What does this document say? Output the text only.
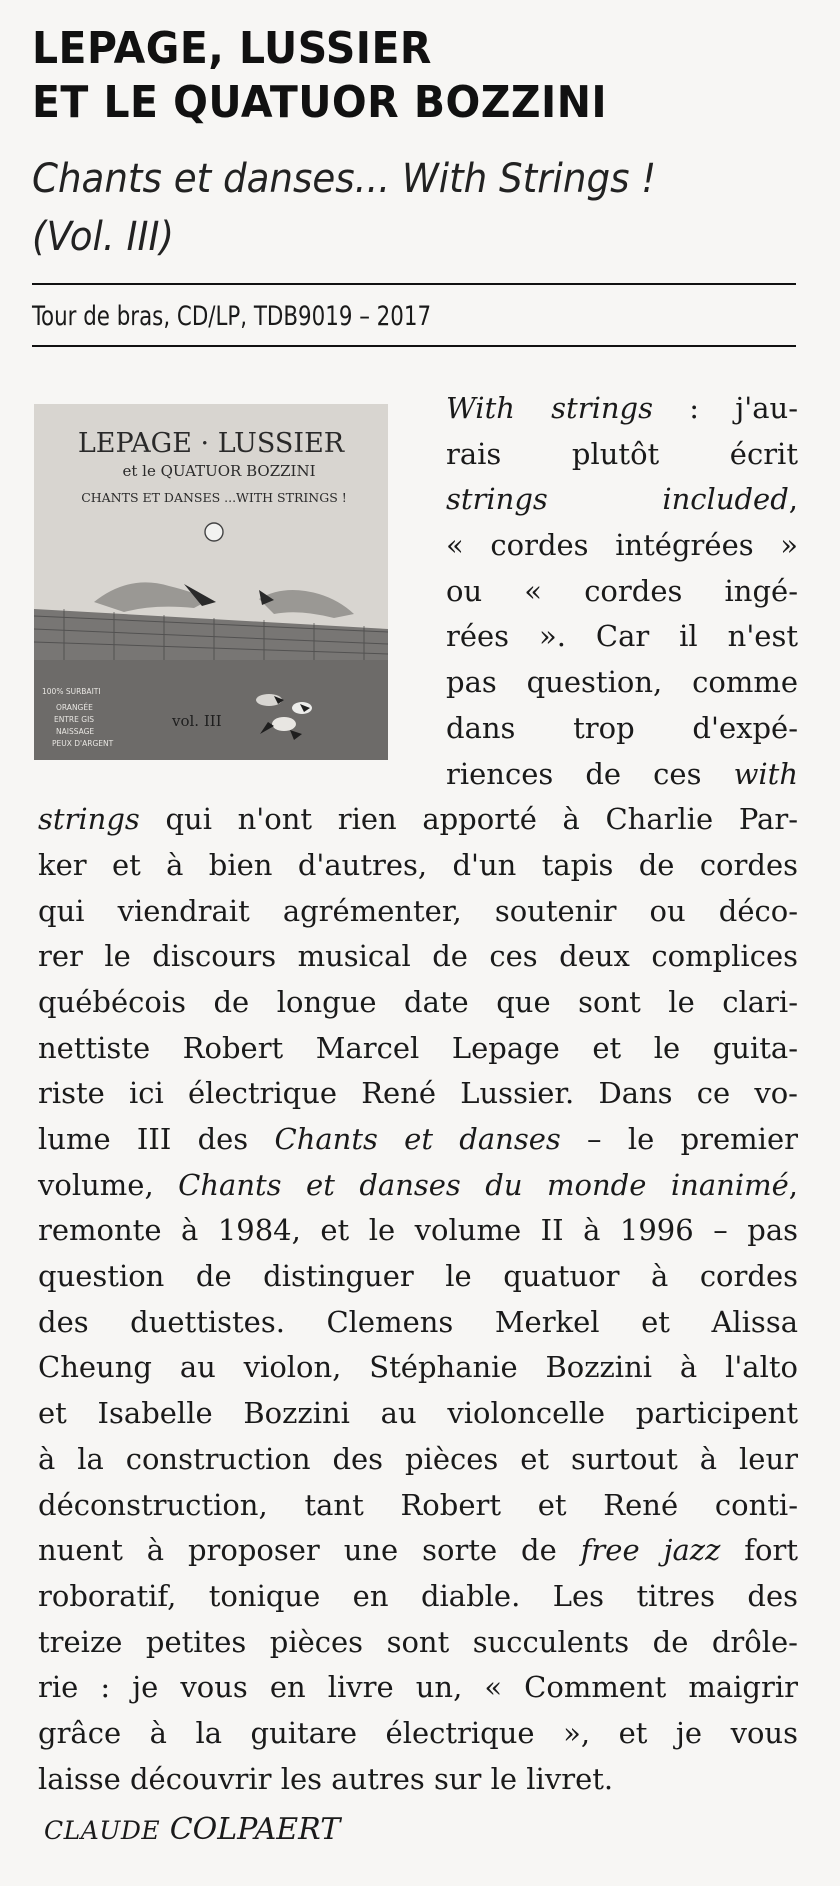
LEPAGE, LUSSIER
ET LE QUATUOR BOZZINI
Chants et danses... With Strings !
(Vol. III)
Tour de bras, CD/LP, TDB9019 – 2017
LEPAGE · LUSSIER
et le QUATUOR BOZZINI
CHANTS ET DANSES ...WITH STRINGS !
100% SURBAITI
ORANGÉE
ENTRE GIS
NAISSAGE
PEUX D'ARGENT
vol. III
With strings : j'au-
rais plutôt écrit
strings	included,
« cordes intégrées »
ou « cordes ingé-
rées ». Car il n'est
pas question, comme
dans trop d'expé-
riences de ces with
strings qui n'ont rien apporté à Charlie Par-
ker et à bien d'autres, d'un tapis de cordes
qui viendrait agrémenter, soutenir ou déco-
rer le discours musical de ces deux complices
québécois de longue date que sont le clari-
nettiste Robert Marcel Lepage et le guita-
riste ici électrique René Lussier. Dans ce vo-
lume III des Chants et danses – le premier
volume, Chants et danses du monde inanimé,
remonte à 1984, et le volume II à 1996 – pas
question de distinguer le quatuor à cordes
des duettistes. Clemens Merkel et Alissa
Cheung au violon, Stéphanie Bozzini à l'alto
et Isabelle Bozzini au violoncelle participent
à la construction des pièces et surtout à leur
déconstruction, tant Robert et René conti-
nuent à proposer une sorte de free jazz fort
roboratif, tonique en diable. Les titres des
treize petites pièces sont succulents de drôle-
rie : je vous en livre un, « Comment maigrir
grâce à la guitare électrique », et je vous
laisse découvrir les autres sur le livret.
CLAUDE COLPAERT
